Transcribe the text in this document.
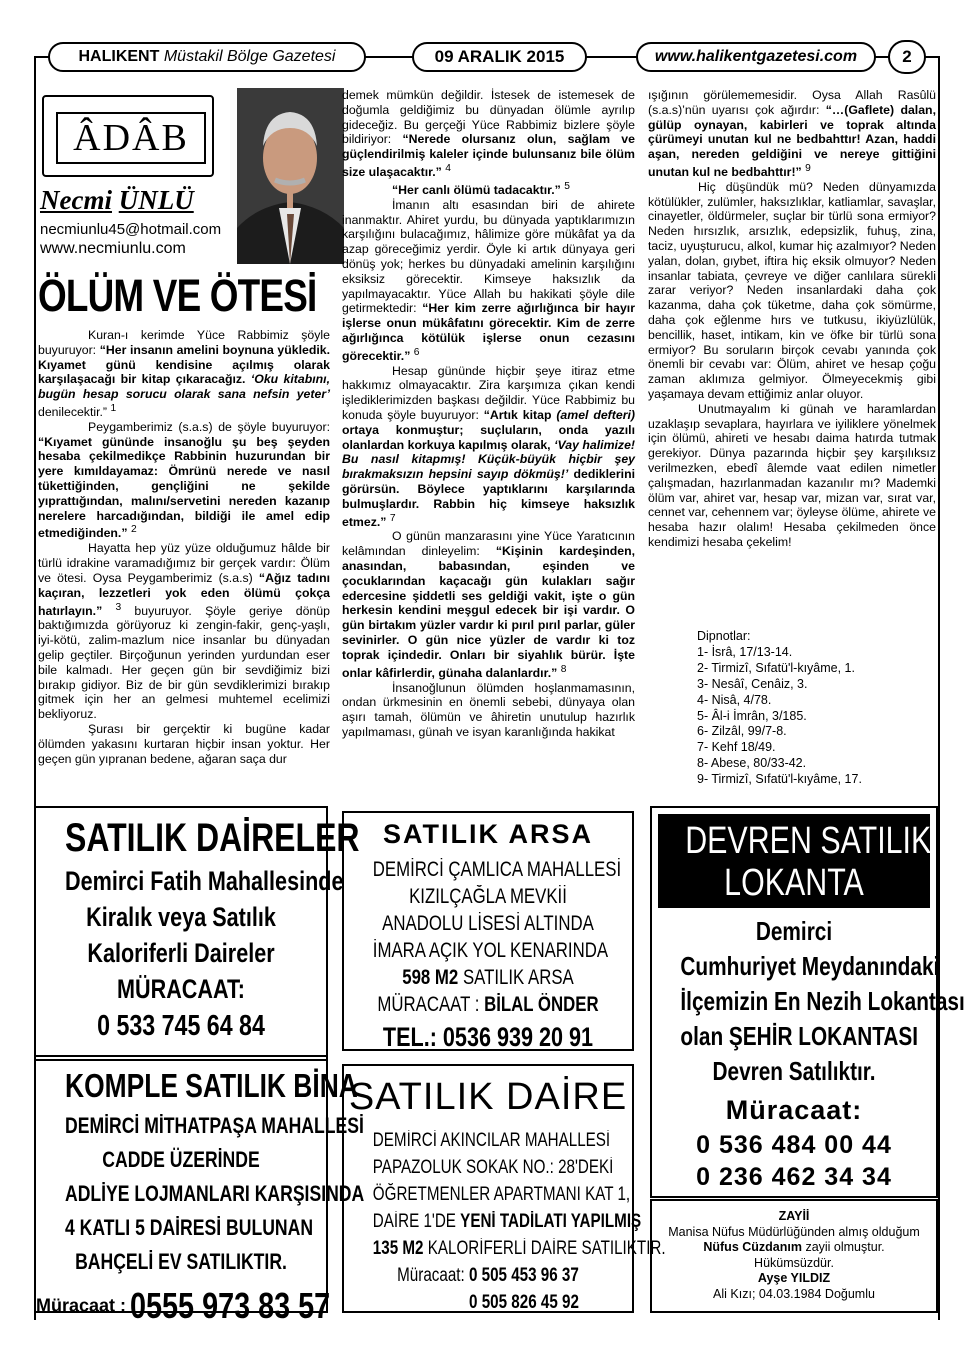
HALIKENT
Müstakil Bölge Gazetesi	09 ARALIK 2015	www.halikentgazetesi.com	2
ÂDÂB
Necmi ÜNLÜ
necmiunlu45@hotmail.com
www.necmiunlu.com
ÖLÜM VE ÖTESİ

Kuran-ı kerimde Yüce Rabbimiz şöyle buyuruyor: “Her insanın amelini boynuna yükledik. Kıyamet günü kendisine açılmış olarak karşılaşacağı bir kitap çıkaracağız. ‘Oku kitabını, bugün hesap sorucu olarak sana nefsin yeter’ denilecektir.” $^1$

Peygamberimiz (s.a.s) de şöyle buyuruyor: “Kıyamet gününde insanoğlu şu beş şeyden hesaba çekilmedikçe Rabbinin huzurundan bir yere kımıldayamaz: Ömrünü nerede ve nasıl tükettiğinden, gençliğini ne şekilde yıprattığından, malını/servetini nereden kazanıp nerelere harcadığından, bildiği ile amel edip etmediğinden.” $^2$

Hayatta hep yüz yüze olduğumuz hâlde bir türlü idrakine varamadığımız bir gerçek vardır: Ölüm ve ötesi. Oysa Peygamberimiz (s.a.s) “Ağız tadını kaçıran, lezzetleri yok eden ölümü çokça hatırlayın.” $^3$ buyuruyor. Şöyle geriye dönüp baktığımızda görüyoruz ki zengin-fakir, genç-yaşlı, iyi-kötü, zalim-mazlum nice insanlar bu dünyadan gelip geçtiler. Birçoğunun yerinden yurdundan eser bile kalmadı. Her geçen gün bir sevdiğimiz bizi bırakıp gidiyor. Biz de bir gün sevdiklerimizi bırakıp gitmek için her an gelmesi muhtemel ecelimizi bekliyoruz.

Şurası bir gerçektir ki bugüne kadar ölümden yakasını kurtaran hiçbir insan yoktur. Her geçen gün yıpranan bedene, ağaran saça dur

demek mümkün değildir. İstesek de istemesek de doğumla geldiğimiz bu dünyadan ölümle ayrılıp gideceğiz. Bu gerçeği Yüce Rabbimiz bizlere şöyle bildiriyor: “Nerede olursanız olun, sağlam ve güçlendirilmiş kaleler içinde bulunsanız bile ölüm size ulaşacaktır.” $^4$

“Her canlı ölümü tadacaktır.” $^5$

İmanın altı esasından biri de ahirete inanmaktır. Ahiret yurdu, bu dünyada yaptıklarımızın karşılığını bulacağımız, hâlimize göre mükâfat ya da azap göreceğimiz yerdir. Öyle ki artık dünyaya geri dönüş yok; herkes bu dünyadaki amelinin karşılığını eksiksiz görecektir. Kimseye haksızlık da yapılmayacaktır. Yüce Allah bu hakikati şöyle dile getirmektedir: “Her kim zerre ağırlığınca bir hayır işlerse onun mükâfatını görecektir. Kim de zerre ağırlığınca kötülük işlerse onun cezasını görecektir.” $^6$

Hesap gününde hiçbir şeye itiraz etme hakkımız olmayacaktır. Zira karşımıza çıkan kendi işlediklerimizden başkası değildir. Yüce Rabbimiz bu konuda şöyle buyuruyor: “Artık kitap (amel defteri) ortaya konmuştur; suçluların, onda yazılı olanlardan korkuya kapılmış olarak, ‘Vay halimize! Bu nasıl kitapmış! Küçük-büyük hiçbir şey bırakmaksızın hepsini sayıp dökmüş!’ dediklerini görürsün. Böylece yaptıklarını karşılarında bulmuşlardır. Rabbin hiç kimseye haksızlık etmez.” $^7$

O günün manzarasını yine Yüce Yaratıcının kelâmından dinleyelim: “Kişinin kardeşinden, anasından, babasından, eşinden ve çocuklarından kaçacağı gün kulakları sağır edercesine şiddetli ses geldiği vakit, işte o gün herkesin kendini meşgul edecek bir işi vardır. O gün birtakım yüzler vardır ki pırıl pırıl parlar, güler sevinirler. O gün nice yüzler de vardır ki toz toprak içindedir. Onları bir siyahlık bürür. İşte onlar kâfirlerdir, günaha dalanlardır.” $^8$

İnsanoğlunun ölümden hoşlanmamasının, ondan ürkmesinin en önemli sebebi, dünyaya olan aşırı tamah, ölümün ve âhiretin unutulup hazırlık yapılmaması, günah ve isyan karanlığında hakikat

ışığının görülememesidir. Oysa Allah Rasûlü (s.a.s)’nün uyarısı çok ağırdır: “…(Gaflete) dalan, gülüp oynayan, kabirleri ve toprak altında çürümeyi unutan kul ne bedbahttır! Azan, haddi aşan, nereden geldiğini ve nereye gittiğini unutan kul ne bedbahttır!” $^9$

Hiç düşündük mü? Neden dünyamızda kötülükler, zulümler, haksızlıklar, katliamlar, savaşlar, cinayetler, öldürmeler, suçlar bir türlü sona ermiyor? Neden hırsızlık, arsızlık, edepsizlik, fuhuş, zina, taciz, uyuşturucu, alkol, kumar hiç azalmıyor? Neden yalan, dolan, gıybet, iftira hiç eksik olmuyor? Neden insanlar tabiata, çevreye ve diğer canlılara sürekli zarar veriyor? Neden insanlardaki daha çok kazanma, daha çok tüketme, daha çok sömürme, daha çok eğlenme hırs ve tutkusu, ikiyüzlülük, bencillik, haset, intikam, kin ve öfke bir türlü sona ermiyor? Bu soruların birçok cevabı yanında çok önemli bir cevabı var: Ölüm, ahiret ve hesap çoğu zaman aklımıza gelmiyor. Ölmeyecekmiş gibi yaşamaya devam ettiğimiz anlar oluyor.

Unutmayalım ki günah ve haramlardan uzaklaşıp sevaplara, hayırlara ve iyiliklere yönelmek için ölümü, ahireti ve hesabı daima hatırda tutmak gerekiyor. Dünya pazarında hiçbir şey karşılıksız verilmezken, ebedî âlemde vaat edilen nimetler çalışmadan, hazırlanmadan kazanılır mı? Mademki ölüm var, ahiret var, hesap var, mizan var, sırat var, cennet var, cehennem var; öyleyse ölüme, ahirete ve hesaba hazır olalım! Hesaba çekilmeden önce kendimizi hesaba çekelim!

Dipnotlar:
1- İsrâ, 17/13-14.
2- Tirmizî, Sıfatü'l-kıyâme, 1.
3- Nesâî, Cenâiz, 3.
4- Nisâ, 4/78.
5- Âl-i İmrân, 3/185.
6- Zilzâl, 99/7-8.
7- Kehf 18/49.
8- Abese, 80/33-42.
9- Tirmizî, Sıfatü'l-kıyâme, 17.
SATILIK DAİRELER
Demirci Fatih Mahallesinde
Kiralık veya Satılık
Kaloriferli Daireler
MÜRACAAT:
0 533 745 64 84
KOMPLE SATILIK BİNA
DEMİRCİ MİTHATPAŞA MAHALLESİ
CADDE ÜZERİNDE
ADLİYE LOJMANLARI KARŞISINDA
4 KATLI 5 DAİRESİ BULUNAN
BAHÇELİ EV SATILIKTIR.
Müracaat : 0555 973 83 57
SATILIK ARSA
DEMİRCİ ÇAMLICA MAHALLESİ
KIZILÇAĞLA MEVKİİ
ANADOLU LİSESİ ALTINDA
İMARA AÇIK YOL KENARINDA
598 M2 SATILIK ARSA
MÜRACAAT : BİLAL ÖNDER
TEL.: 0536 939 20 91
SATILIK DAİRE
DEMİRCİ AKINCILAR MAHALLESİ
PAPAZOLUK SOKAK NO.: 28'DEKİ
ÖĞRETMENLER APARTMANI KAT 1,
DAİRE 1'DE YENİ TADİLATI YAPILMIŞ
135 M2 KALORİFERLİ DAİRE SATILIKTIR.
Müracaat: 0 505 453 96 37
0 505 826 45 92
DEVREN SATILIK
LOKANTA
Demirci
Cumhuriyet Meydanındaki
İlçemizin En Nezih Lokantası
olan ŞEHİR LOKANTASI
Devren Satılıktır.
Müracaat:
0 536 484 00 44
0 236 462 34 34
ZAYİİ
Manisa Nüfus Müdürlüğünden almış olduğum
Nüfus Cüzdanım zayii olmuştur.
Hükümsüzdür.
Ayşe YILDIZ
Ali Kızı; 04.03.1984 Doğumlu
